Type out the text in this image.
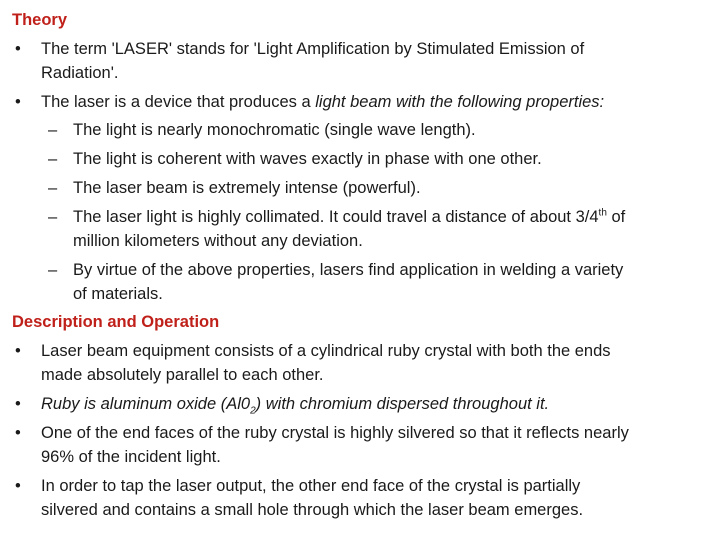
Theory
• The term 'LASER' stands for 'Light Amplification by Stimulated Emission of
Radiation'.
• The laser is a device that produces a light beam with the following properties:
– The light is nearly monochromatic (single wave length).
– The light is coherent with waves exactly in phase with one other.
– The laser beam is extremely intense (powerful).
– The laser light is highly collimated. It could travel a distance of about 3/4th of
million kilometers without any deviation.
– By virtue of the above properties, lasers find application in welding a variety
of materials.
Description and Operation
• Laser beam equipment consists of a cylindrical ruby crystal with both the ends
made absolutely parallel to each other.
• Ruby is aluminum oxide $(Al0_2)$ with chromium dispersed throughout it.
• One of the end faces of the ruby crystal is highly silvered so that it reflects nearly
96% of the incident light.
• In order to tap the laser output, the other end face of the crystal is partially
silvered and contains a small hole through which the laser beam emerges.
